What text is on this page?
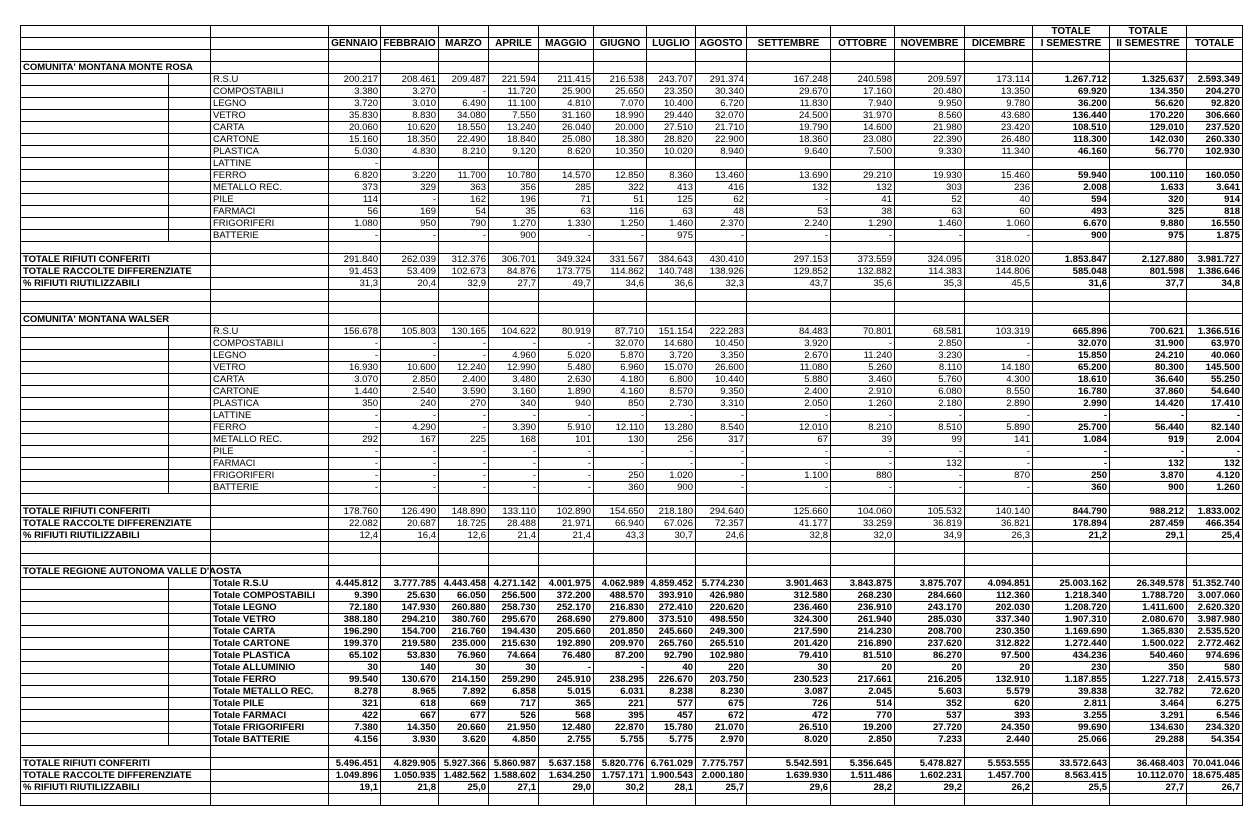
															TOTALE	TOTALE	
			GENNAIO	FEBBRAIO	MARZO	APRILE	MAGGIO	GIUGNO	LUGLIO	AGOSTO	SETTEMBRE	OTTOBRE	NOVEMBRE	DICEMBRE	I SEMESTRE	II SEMESTRE	TOTALE

COMUNITA' MONTANA MONTE ROSA																	
		R.S.U	200.217	208.461	209.487	221.594	211.415	216.538	243.707	291.374	167.248	240.598	209.597	173.114	1.267.712	1.325.637	2.593.349
		COMPOSTABILI	3.380	3.270	-	11.720	25.900	25.650	23.350	30.340	29.670	17.160	20.480	13.350	69.920	134.350	204.270
		LEGNO	3.720	3.010	6.490	11.100	4.810	7.070	10.400	6.720	11.830	7.940	9.950	9.780	36.200	56.620	92.820
		VETRO	35.830	8.830	34.080	7.550	31.160	18.990	29.440	32.070	24.500	31.970	8.560	43.680	136.440	170.220	306.660
		CARTA	20.060	10.620	18.550	13.240	26.040	20.000	27.510	21.710	19.790	14.600	21.980	23.420	108.510	129.010	237.520
		CARTONE	15.160	18.350	22.490	18.840	25.080	18.380	28.820	22.900	18.360	23.080	22.390	26.480	118.300	142.030	260.330
		PLASTICA	5.030	4.830	8.210	9.120	8.620	10.350	10.020	8.940	9.640	7.500	9.330	11.340	46.160	56.770	102.930
		LATTINE	-														
		FERRO	6.820	3.220	11.700	10.780	14.570	12.850	8.360	13.460	13.690	29.210	19.930	15.460	59.940	100.110	160.050
		METALLO REC.	373	329	363	356	285	322	413	416	132	132	303	236	2.008	1.633	3.641
		PILE	114	-	162	196	71	51	125	62	-	41	52	40	594	320	914
		FARMACI	56	169	54	35	63	116	63	48	53	38	63	60	493	325	818
		FRIGORIFERI	1.080	950	790	1.270	1.330	1.250	1.460	2.370	2.240	1.290	1.460	1.060	6.670	9.880	16.550
		BATTERIE	-	-	-	900	-	-	975	-	-	-	-	-	900	975	1.875

TOTALE RIFIUTI CONFERITI			291.840	262.039	312.376	306.701	349.324	331.567	384.643	430.410	297.153	373.559	324.095	318.020	1.853.847	2.127.880	3.981.727
TOTALE RACCOLTE DIFFERENZIATE			91.453	53.409	102.673	84.876	173.775	114.862	140.748	138.926	129.852	132.882	114.383	144.806	585.048	801.598	1.386.646
% RIFIUTI RIUTILIZZABILI			31,3	20,4	32,9	27,7	49,7	34,6	36,6	32,3	43,7	35,6	35,3	45,5	31,6	37,7	34,8

COMUNITA' MONTANA WALSER																	
		R.S.U	156.678	105.803	130.165	104.622	80.919	87.710	151.154	222.283	84.483	70.801	68.581	103.319	665.896	700.621	1.366.516
		COMPOSTABILI	-	-	-	-	-	32.070	14.680	10.450	3.920	-	2.850	-	32.070	31.900	63.970
		LEGNO	-	-	-	4.960	5.020	5.870	3.720	3.350	2.670	11.240	3.230	-	15.850	24.210	40.060
		VETRO	16.930	10.600	12.240	12.990	5.480	6.960	15.070	26.600	11.080	5.260	8.110	14.180	65.200	80.300	145.500
		CARTA	3.070	2.850	2.400	3.480	2.630	4.180	6.800	10.440	5.880	3.460	5.760	4.300	18.610	36.640	55.250
		CARTONE	1.440	2.540	3.590	3.160	1.890	4.160	8.570	9.350	2.400	2.910	6.080	8.550	16.780	37.860	54.640
		PLASTICA	350	240	270	340	940	850	2.730	3.310	2.050	1.260	2.180	2.890	2.990	14.420	17.410
		LATTINE	-	-	-	-	-	-	-	-	-	-	-	-	-	-	-
		FERRO	-	4.290	-	3.390	5.910	12.110	13.280	8.540	12.010	8.210	8.510	5.890	25.700	56.440	82.140
		METALLO REC.	292	167	225	168	101	130	256	317	67	39	99	141	1.084	919	2.004
		PILE	-	-	-	-	-	-	-	-	-	-	-	-	-	-	-
		FARMACI	-	-	-	-	-	-	-	-	-	-	132	-	-	132	132
		FRIGORIFERI	-	-	-	-	-	250	1.020	-	1.100	880	-	870	250	3.870	4.120
		BATTERIE	-	-	-	-	-	360	900	-	-	-	-	-	360	900	1.260

TOTALE RIFIUTI CONFERITI			178.760	126.490	148.890	133.110	102.890	154.650	218.180	294.640	125.660	104.060	105.532	140.140	844.790	988.212	1.833.002
TOTALE RACCOLTE DIFFERENZIATE			22.082	20.687	18.725	28.488	21.971	66.940	67.026	72.357	41.177	33.259	36.819	36.821	178.894	287.459	466.354
% RIFIUTI RIUTILIZZABILI			12,4	16,4	12,6	21,4	21,4	43,3	30,7	24,6	32,8	32,0	34,9	26,3	21,2	29,1	25,4

TOTALE REGIONE AUTONOMA VALLE D'AOSTA																	
		Totale R.S.U	4.445.812	3.777.785	4.443.458	4.271.142	4.001.975	4.062.989	4.859.452	5.774.230	3.901.463	3.843.875	3.875.707	4.094.851	25.003.162	26.349.578	51.352.740
		Totale COMPOSTABILI	9.390	25.630	66.050	256.500	372.200	488.570	393.910	426.980	312.580	268.230	284.660	112.360	1.218.340	1.788.720	3.007.060
		Totale LEGNO	72.180	147.930	260.880	258.730	252.170	216.830	272.410	220.620	236.460	236.910	243.170	202.030	1.208.720	1.411.600	2.620.320
		Totale VETRO	388.180	294.210	380.760	295.670	268.690	279.800	373.510	498.550	324.300	261.940	285.030	337.340	1.907.310	2.080.670	3.987.980
		Totale CARTA	196.290	154.700	216.760	194.430	205.660	201.850	245.660	249.300	217.590	214.230	208.700	230.350	1.169.690	1.365.830	2.535.520
		Totale CARTONE	199.370	219.580	235.000	215.630	192.890	209.970	265.760	265.510	201.420	216.890	237.620	312.822	1.272.440	1.500.022	2.772.462
		Totale PLASTICA	65.102	53.830	76.960	74.664	76.480	87.200	92.790	102.980	79.410	81.510	86.270	97.500	434.236	540.460	974.696
		Totale ALLUMINIO	30	140	30	30	-	-	40	220	30	20	20	20	230	350	580
		Totale FERRO	99.540	130.670	214.150	259.290	245.910	238.295	226.670	203.750	230.523	217.661	216.205	132.910	1.187.855	1.227.718	2.415.573
		Totale METALLO REC.	8.278	8.965	7.892	6.858	5.015	6.031	8.238	8.230	3.087	2.045	5.603	5.579	39.838	32.782	72.620
		Totale PILE	321	618	669	717	365	221	577	675	726	514	352	620	2.811	3.464	6.275
		Totale FARMACI	422	667	677	526	568	395	457	672	472	770	537	393	3.255	3.291	6.546
		Totale FRIGORIFERI	7.380	14.350	20.660	21.950	12.480	22.870	15.780	21.070	26.510	19.200	27.720	24.350	99.690	134.630	234.320
		Totale BATTERIE	4.156	3.930	3.620	4.850	2.755	5.755	5.775	2.970	8.020	2.850	7.233	2.440	25.066	29.288	54.354

TOTALE RIFIUTI CONFERITI			5.496.451	4.829.905	5.927.366	5.860.987	5.637.158	5.820.776	6.761.029	7.775.757	5.542.591	5.356.645	5.478.827	5.553.555	33.572.643	36.468.403	70.041.046
TOTALE RACCOLTE DIFFERENZIATE			1.049.896	1.050.935	1.482.562	1.588.602	1.634.250	1.757.171	1.900.543	2.000.180	1.639.930	1.511.486	1.602.231	1.457.700	8.563.415	10.112.070	18.675.485
% RIFIUTI RIUTILIZZABILI			19,1	21,8	25,0	27,1	29,0	30,2	28,1	25,7	29,6	28,2	29,2	26,2	25,5	27,7	26,7
